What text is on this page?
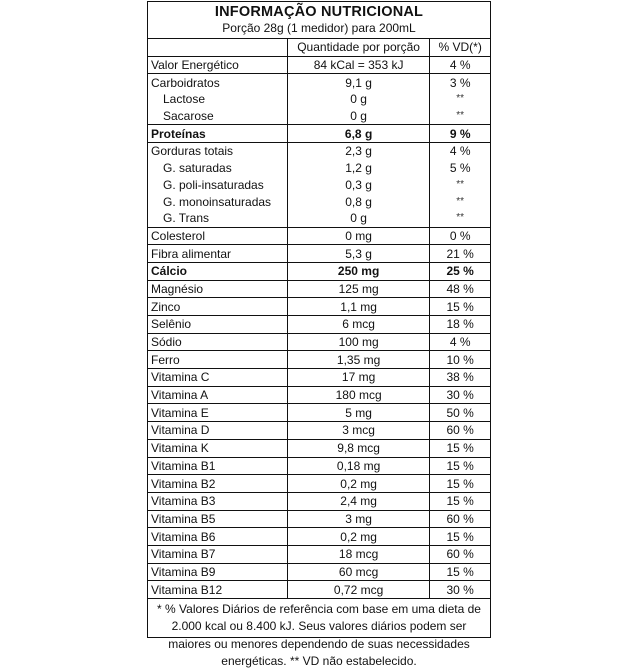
INFORMAÇÃO NUTRICIONAL
Porção 28g (1 medidor) para 200mL
	Quantidade por porção	% VD(*)
Valor Energético	84 kCal = 353 kJ	4 %
Carboidratos	9,1 g	3 %
Lactose	0 g	**
Sacarose	0 g	**
Proteínas	6,8 g	9 %
Gorduras totais	2,3 g	4 %
G. saturadas	1,2 g	5 %
G. poli-insaturadas	0,3 g	**
G. monoinsaturadas	0,8 g	**
G. Trans	0 g	**
Colesterol	0 mg	0 %
Fibra alimentar	5,3 g	21 %
Cálcio	250 mg	25 %
Magnésio	125 mg	48 %
Zinco	1,1 mg	15 %
Selênio	6 mcg	18 %
Sódio	100 mg	4 %
Ferro	1,35 mg	10 %
Vitamina C	17 mg	38 %
Vitamina A	180 mcg	30 %
Vitamina E	5 mg	50 %
Vitamina D	3 mcg	60 %
Vitamina K	9,8 mcg	15 %
Vitamina B1	0,18 mg	15 %
Vitamina B2	0,2 mg	15 %
Vitamina B3	2,4 mg	15 %
Vitamina B5	3 mg	60 %
Vitamina B6	0,2 mg	15 %
Vitamina B7	18 mcg	60 %
Vitamina B9	60 mcg	15 %
Vitamina B12	0,72 mcg	30 %
* % Valores Diários de referência com base em uma dieta de 2.000 kcal ou 8.400 kJ. Seus valores diários podem ser maiores ou menores dependendo de suas necessidades energéticas. ** VD não estabelecido.
